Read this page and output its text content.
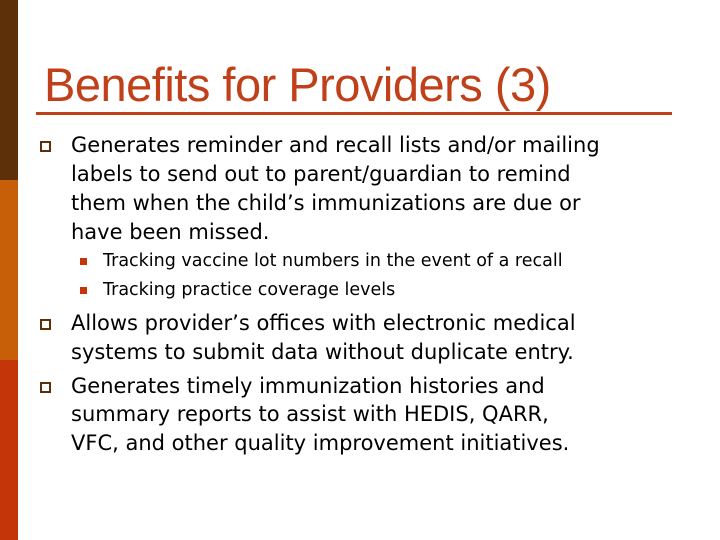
Benefits for Providers (3)
Generates reminder and recall lists and/or mailing
labels to send out to parent/guardian to remind
them when the child’s immunizations are due or
have been missed.
Tracking vaccine lot numbers in the event of a recall
Tracking practice coverage levels
Allows provider’s offices with electronic medical
systems to submit data without duplicate entry.
Generates timely immunization histories and
summary reports to assist with HEDIS, QARR,
VFC, and other quality improvement initiatives.
